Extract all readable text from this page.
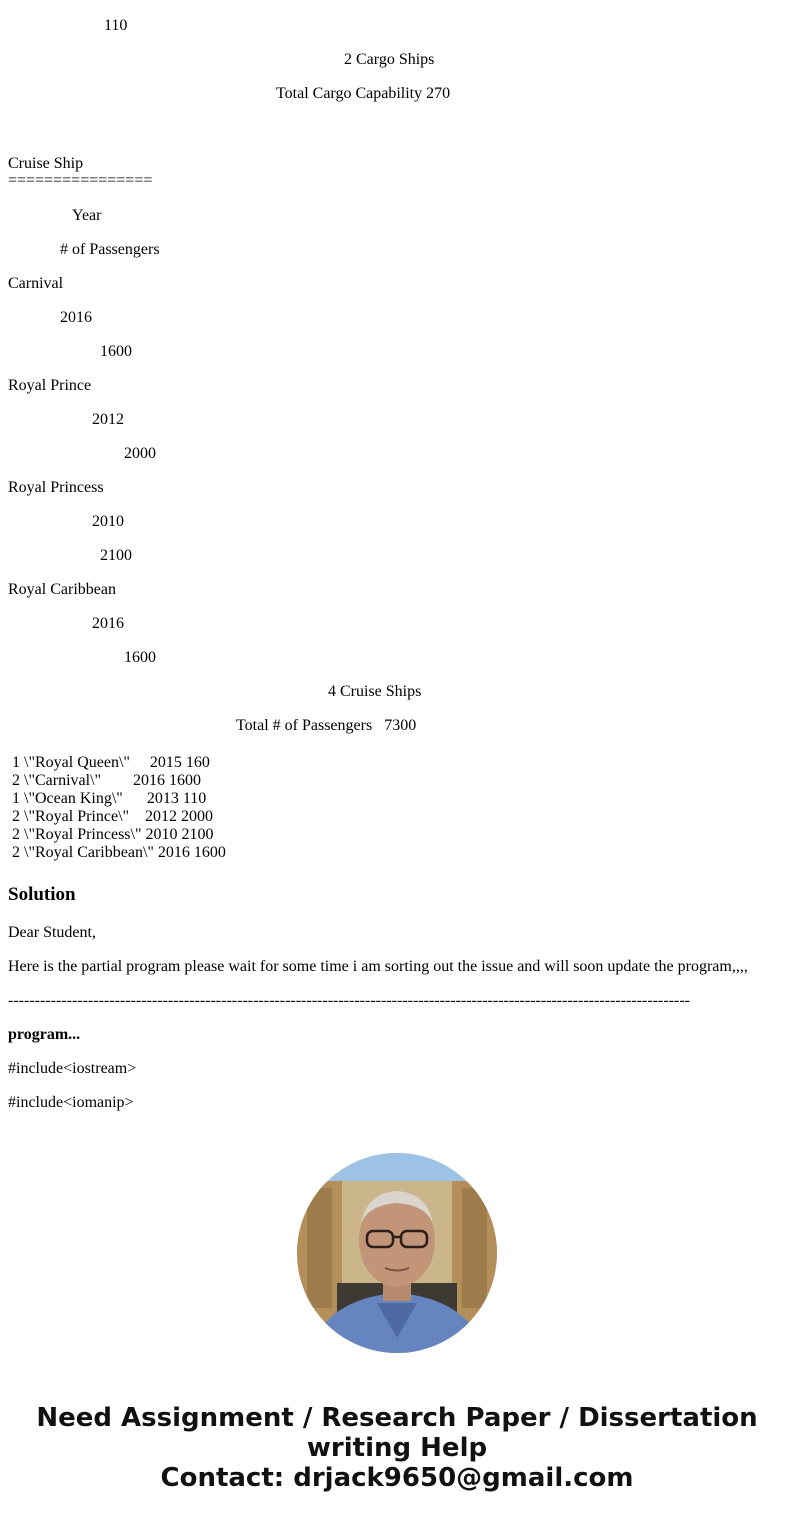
110
2 Cargo Ships
Total Cargo Capability 270
Cruise Ship
================
Year
# of Passengers
Carnival
2016
1600
Royal Prince
2012
2000
Royal Princess
2010
2100
Royal Caribbean
2016
1600
4 Cruise Ships
Total # of Passengers   7300
1 \"Royal Queen\"     2015 160
2 \"Carnival\"        2016 1600
1 \"Ocean King\"      2013 110
2 \"Royal Prince\"    2012 2000
2 \"Royal Princess\" 2010 2100
2 \"Royal Caribbean\" 2016 1600
Solution
Dear Student,
Here is the partial program please wait for some time i am sorting out the issue and will soon update the program,,,,
--------------------------------------------------------------------------------------------------------------------------------
program...
#include<iostream>
#include<iomanip>
Need Assignment / Research Paper / Dissertation
writing Help
Contact: drjack9650@gmail.com
